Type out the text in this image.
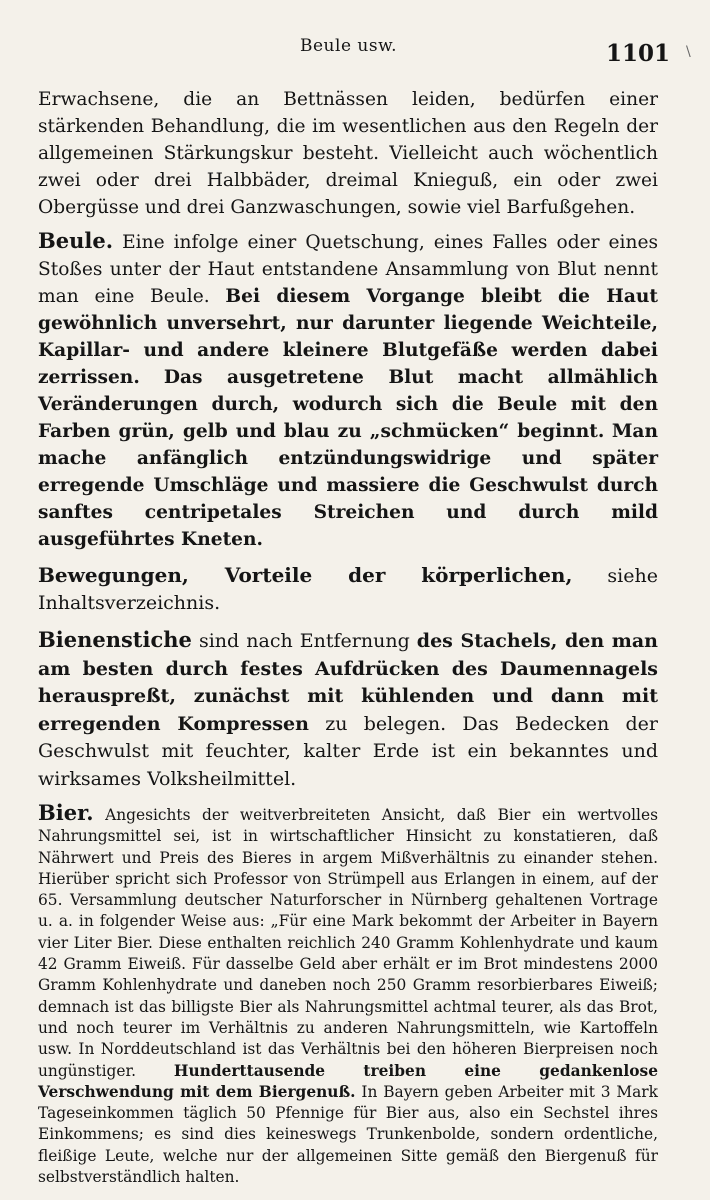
Beule usw.	1101 \

Erwachsene, die an Bettnässen leiden, bedürfen einer stärkenden Behandlung, die im wesentlichen aus den Regeln der allgemeinen Stärkungskur besteht. Vielleicht auch wöchentlich zwei oder drei Halbbäder, dreimal Knieguß, ein oder zwei Obergüsse und drei Ganzwaschungen, sowie viel Barfußgehen.

Beule. Eine infolge einer Quetschung, eines Falles oder eines Stoßes unter der Haut entstandene Ansammlung von Blut nennt man eine Beule. Bei diesem Vorgange bleibt die Haut gewöhnlich unversehrt, nur darunter liegende Weichteile, Kapillar- und andere kleinere Blutgefäße werden dabei zerrissen. Das ausgetretene Blut macht allmählich Veränderungen durch, wodurch sich die Beule mit den Farben grün, gelb und blau zu „schmücken“ beginnt. Man mache anfänglich entzündungswidrige und später erregende Umschläge und massiere die Geschwulst durch sanftes centripetales Streichen und durch mild ausgeführtes Kneten.

Bewegungen, Vorteile der körperlichen, siehe Inhaltsverzeichnis.

Bienenstiche sind nach Entfernung des Stachels, den man am besten durch festes Aufdrücken des Daumennagels herauspreßt, zunächst mit kühlenden und dann mit erregenden Kompressen zu belegen. Das Bedecken der Geschwulst mit feuchter, kalter Erde ist ein bekanntes und wirksames Volksheilmittel.

Bier. Angesichts der weitverbreiteten Ansicht, daß Bier ein wertvolles Nahrungsmittel sei, ist in wirtschaftlicher Hinsicht zu konstatieren, daß Nährwert und Preis des Bieres in argem Mißverhältnis zu einander stehen. Hierüber spricht sich Professor von Strümpell aus Erlangen in einem, auf der 65. Versammlung deutscher Naturforscher in Nürnberg gehaltenen Vortrage u. a. in folgender Weise aus: „Für eine Mark bekommt der Arbeiter in Bayern vier Liter Bier. Diese enthalten reichlich 240 Gramm Kohlenhydrate und kaum 42 Gramm Eiweiß. Für dasselbe Geld aber erhält er im Brot mindestens 2000 Gramm Kohlenhydrate und daneben noch 250 Gramm resorbierbares Eiweiß; demnach ist das billigste Bier als Nahrungsmittel achtmal teurer, als das Brot, und noch teurer im Verhältnis zu anderen Nahrungsmitteln, wie Kartoffeln usw. In Norddeutschland ist das Verhältnis bei den höheren Bierpreisen noch ungünstiger. Hunderttausende treiben eine gedankenlose Verschwendung mit dem Biergenuß. In Bayern geben Arbeiter mit 3 Mark Tageseinkommen täglich 50 Pfennige für Bier aus, also ein Sechstel ihres Einkommens; es sind dies keineswegs Trunkenbolde, sondern ordentliche, fleißige Leute, welche nur der allgemeinen Sitte gemäß den Biergenuß für selbstverständlich halten.
